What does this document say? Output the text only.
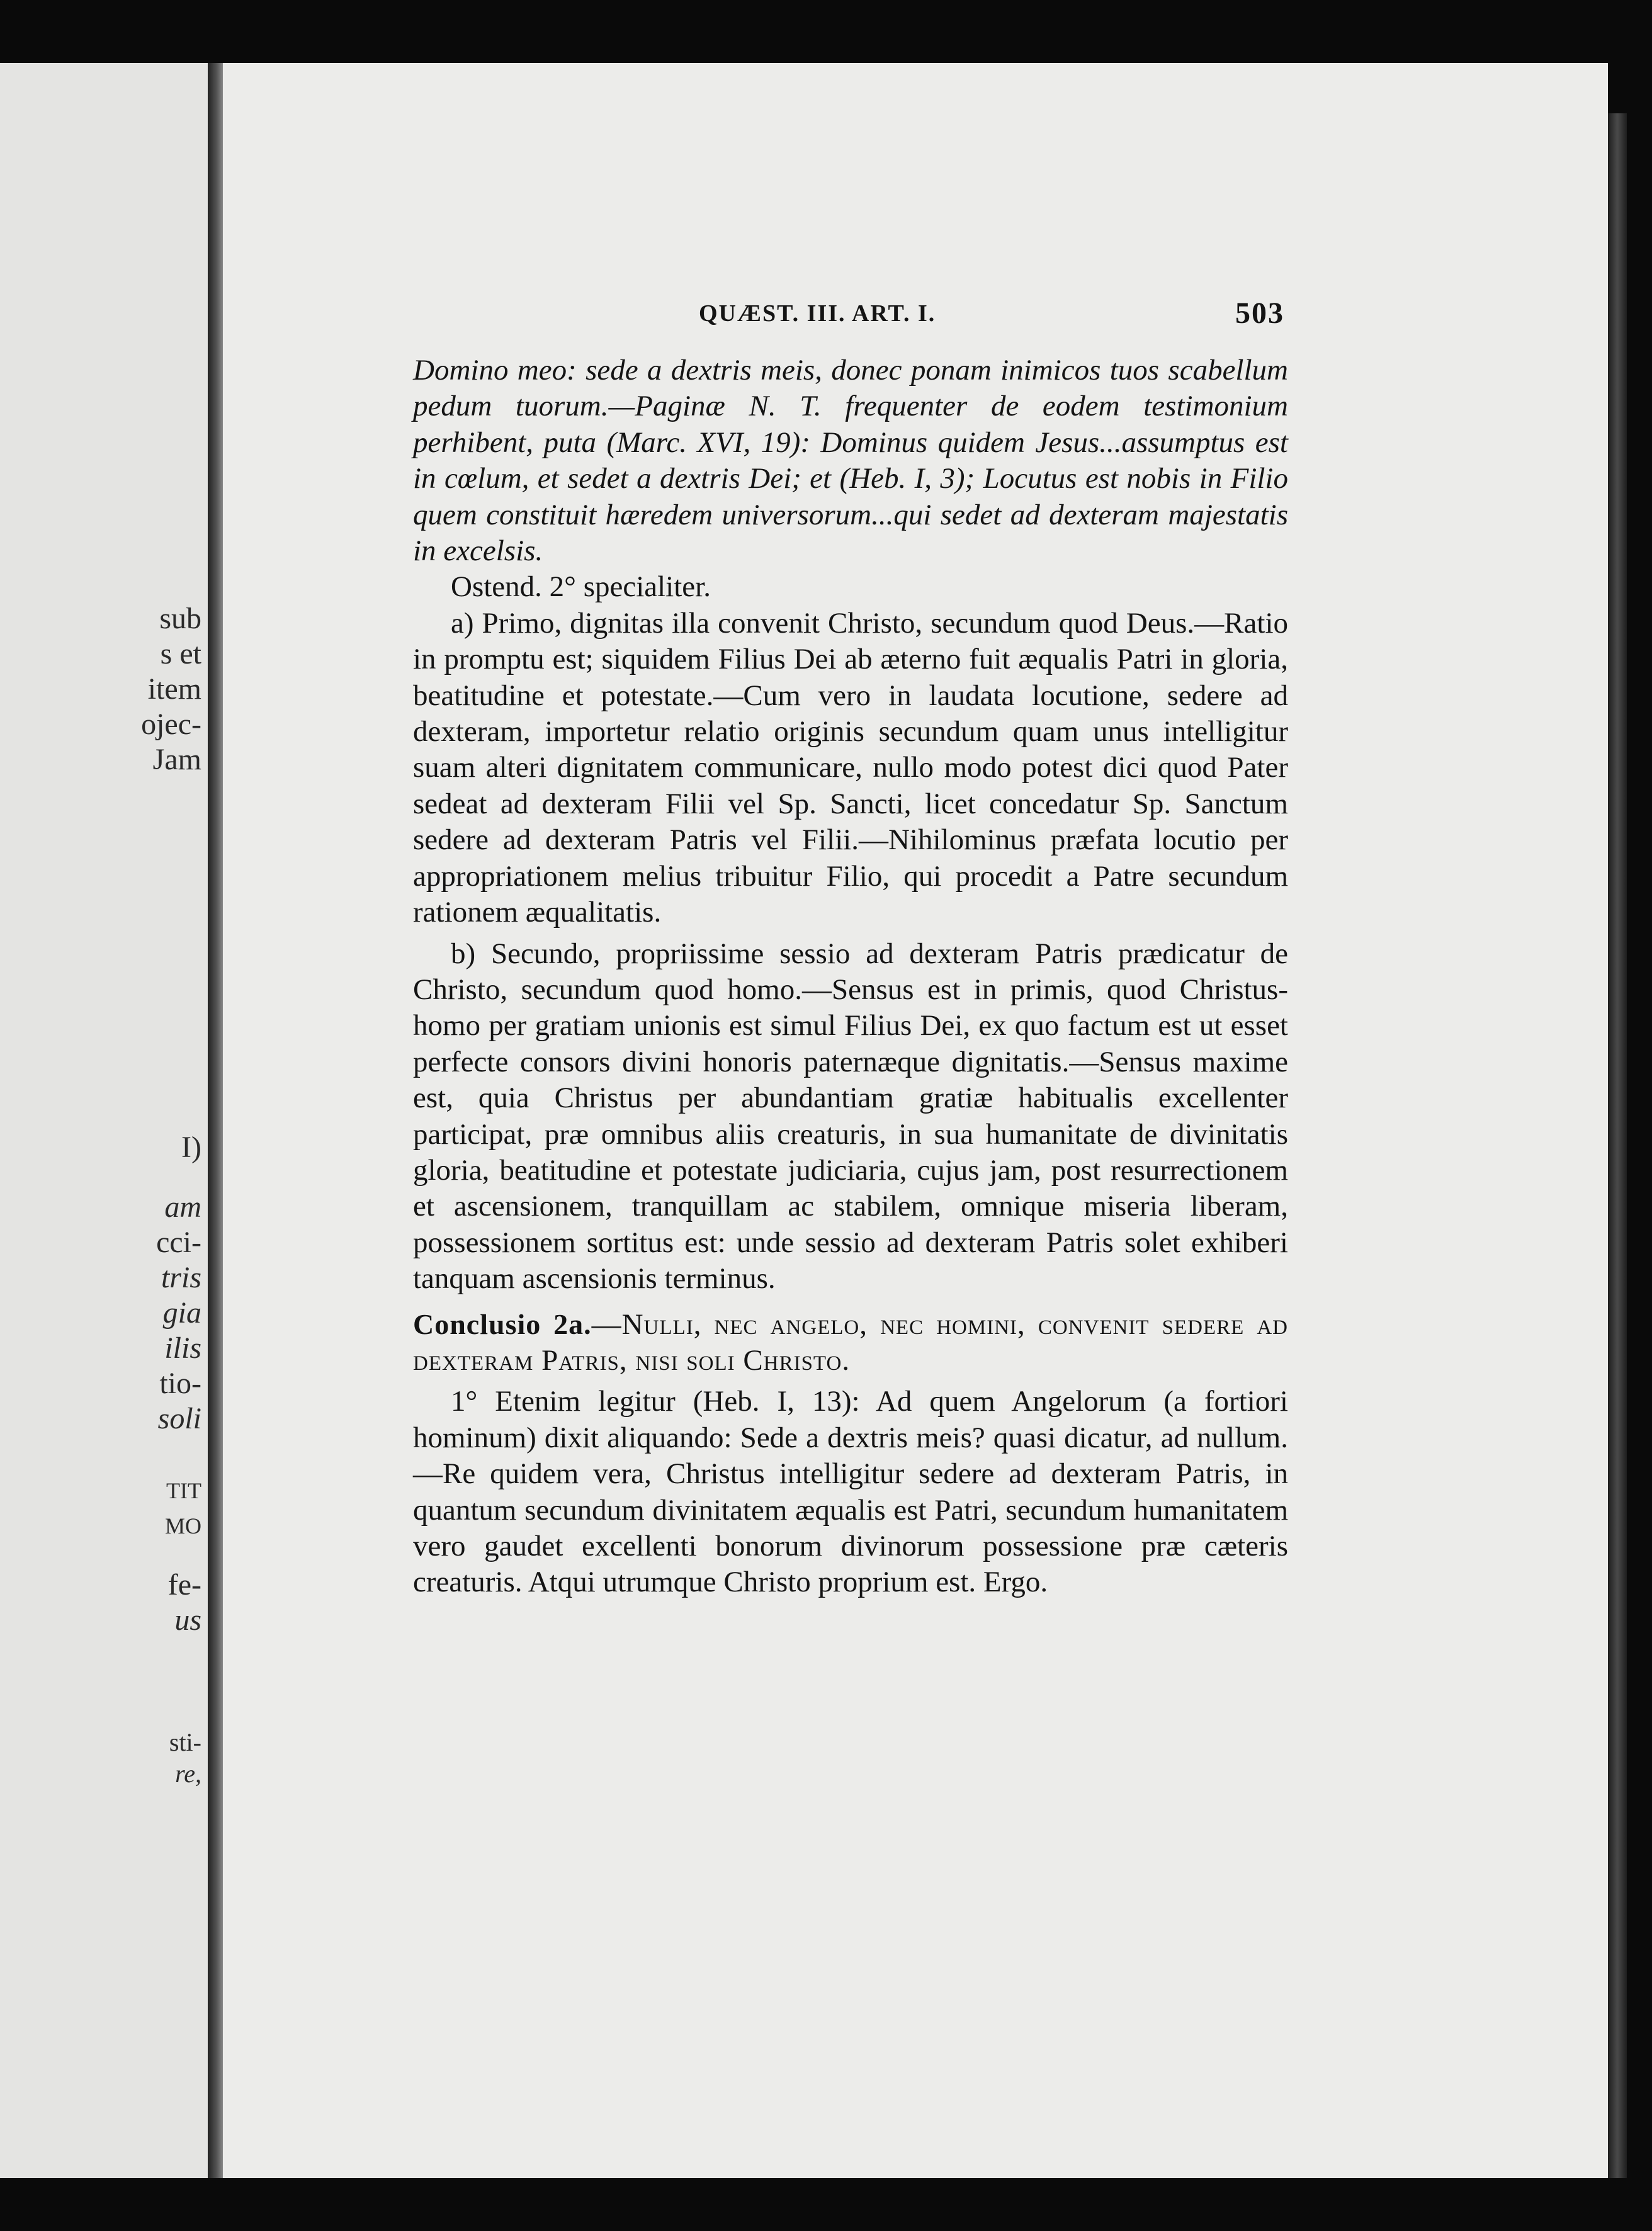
sub
s et
item
ojec-
Jam
I)
am
cci-
tris
gia
ilis
tio-
soli
TIT
MO
fe-
us
sti-
re,
QUÆST. III. ART. I.	503

Domino meo: sede a dextris meis, donec ponam inimicos tuos scabellum pedum tuorum.—Paginæ N. T. frequenter de eodem testimonium perhibent, puta (Marc. XVI, 19): Dominus quidem Jesus...assumptus est in cœlum, et sedet a dextris Dei; et (Heb. I, 3); Locutus est nobis in Filio quem constituit hæredem universorum...qui sedet ad dexteram majestatis in excelsis.

Ostend. 2° specialiter.

a) Primo, dignitas illa convenit Christo, secundum quod Deus.—Ratio in promptu est; siquidem Filius Dei ab æterno fuit æqualis Patri in gloria, beatitudine et potestate.—Cum vero in laudata locutione, sedere ad dexteram, importetur relatio originis secundum quam unus intelligitur suam alteri dignitatem communicare, nullo modo potest dici quod Pater sedeat ad dexteram Filii vel Sp. Sancti, licet concedatur Sp. Sanctum sedere ad dexteram Patris vel Filii.—Nihilominus præfata locutio per appropriationem melius tribuitur Filio, qui procedit a Patre secundum rationem æqualitatis.

b) Secundo, propriissime sessio ad dexteram Patris prædicatur de Christo, secundum quod homo.—Sensus est in primis, quod Christus-homo per gratiam unionis est simul Filius Dei, ex quo factum est ut esset perfecte consors divini honoris paternæque dignitatis.—Sensus maxime est, quia Christus per abundantiam gratiæ habitualis excellenter participat, præ omnibus aliis creaturis, in sua humanitate de divinitatis gloria, beatitudine et potestate judiciaria, cujus jam, post resurrectionem et ascensionem, tranquillam ac stabilem, omnique miseria liberam, possessionem sortitus est: unde sessio ad dexteram Patris solet exhiberi tanquam ascensionis terminus.

Conclusio 2a.—Nulli, nec angelo, nec homini, convenit sedere ad dexteram Patris, nisi soli Christo.

1° Etenim legitur (Heb. I, 13): Ad quem Angelorum (a fortiori hominum) dixit aliquando: Sede a dextris meis? quasi dicatur, ad nullum.—Re quidem vera, Christus intelligitur sedere ad dexteram Patris, in quantum secundum divinitatem æqualis est Patri, secundum humanitatem vero gaudet excellenti bonorum divinorum possessione præ cæteris creaturis. Atqui utrumque Christo proprium est. Ergo.
